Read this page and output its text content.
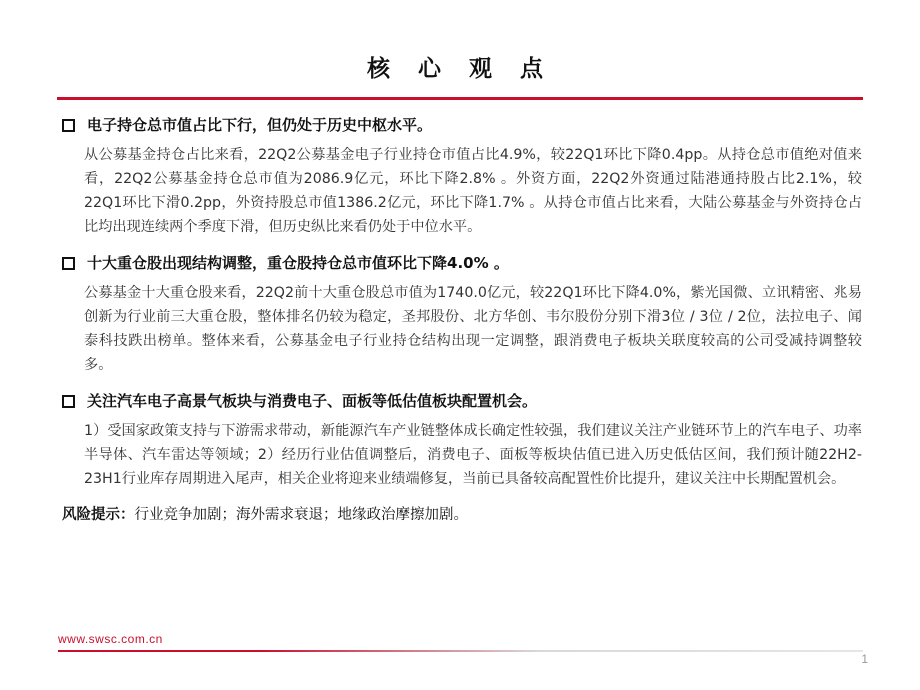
核 心 观 点
电子持仓总市值占比下行，但仍处于历史中枢水平。
从公募基金持仓占比来看，22Q2公募基金电子行业持仓市值占比4.9%，较22Q1环比下降0.4pp。从持仓总市值绝对值来看，22Q2公募基金持仓总市值为2086.9亿元，环比下降2.8% 。外资方面，22Q2外资通过陆港通持股占比2.1%，较22Q1环比下滑0.2pp，外资持股总市值1386.2亿元，环比下降1.7% 。从持仓市值占比来看，大陆公募基金与外资持仓占比均出现连续两个季度下滑，但历史纵比来看仍处于中位水平。
十大重仓股出现结构调整，重仓股持仓总市值环比下降4.0% 。
公募基金十大重仓股来看，22Q2前十大重仓股总市值为1740.0亿元，较22Q1环比下降4.0%，紫光国微、立讯精密、兆易创新为行业前三大重仓股，整体排名仍较为稳定，圣邦股份、北方华创、韦尔股份分别下滑3位 / 3位 / 2位，法拉电子、闻泰科技跌出榜单。整体来看，公募基金电子行业持仓结构出现一定调整，跟消费电子板块关联度较高的公司受减持调整较多。
关注汽车电子高景气板块与消费电子、面板等低估值板块配置机会。
1）受国家政策支持与下游需求带动，新能源汽车产业链整体成长确定性较强，我们建议关注产业链环节上的汽车电子、功率半导体、汽车雷达等领域；2）经历行业估值调整后，消费电子、面板等板块估值已进入历史低估区间，我们预计随22H2-23H1行业库存周期进入尾声，相关企业将迎来业绩端修复，当前已具备较高配置性价比提升，建议关注中长期配置机会。
风险提示：行业竞争加剧；海外需求衰退；地缘政治摩擦加剧。
www.swsc.com.cn
1
